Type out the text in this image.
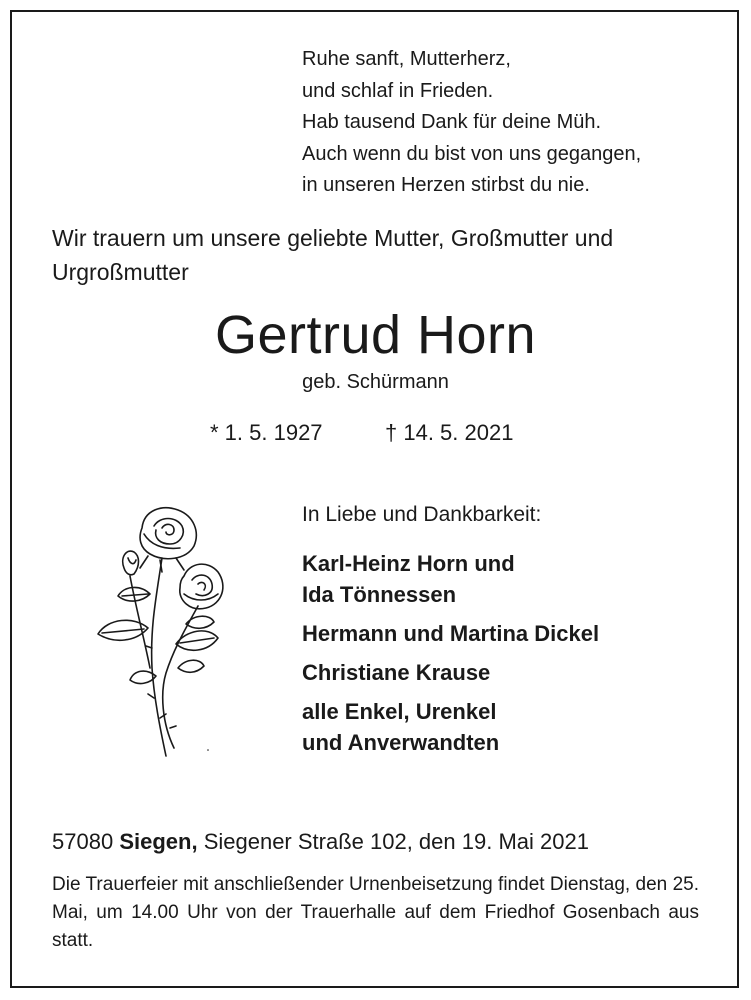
Ruhe sanft, Mutterherz,
und schlaf in Frieden.
Hab tausend Dank für deine Müh.
Auch wenn du bist von uns gegangen,
in unseren Herzen stirbst du nie.
Wir trauern um unsere geliebte Mutter, Großmutter und Urgroßmutter
Gertrud Horn
geb. Schürmann
* 1. 5. 1927	† 14. 5. 2021
In Liebe und Dankbarkeit:
Karl-Heinz Horn und
Ida Tönnessen
Hermann und Martina Dickel
Christiane Krause
alle Enkel, Urenkel
und Anverwandten
57080 Siegen, Siegener Straße 102, den 19. Mai 2021
Die Trauerfeier mit anschließender Urnenbeisetzung findet Dienstag, den 25. Mai, um 14.00 Uhr von der Trauerhalle auf dem Friedhof Gosenbach aus statt.
